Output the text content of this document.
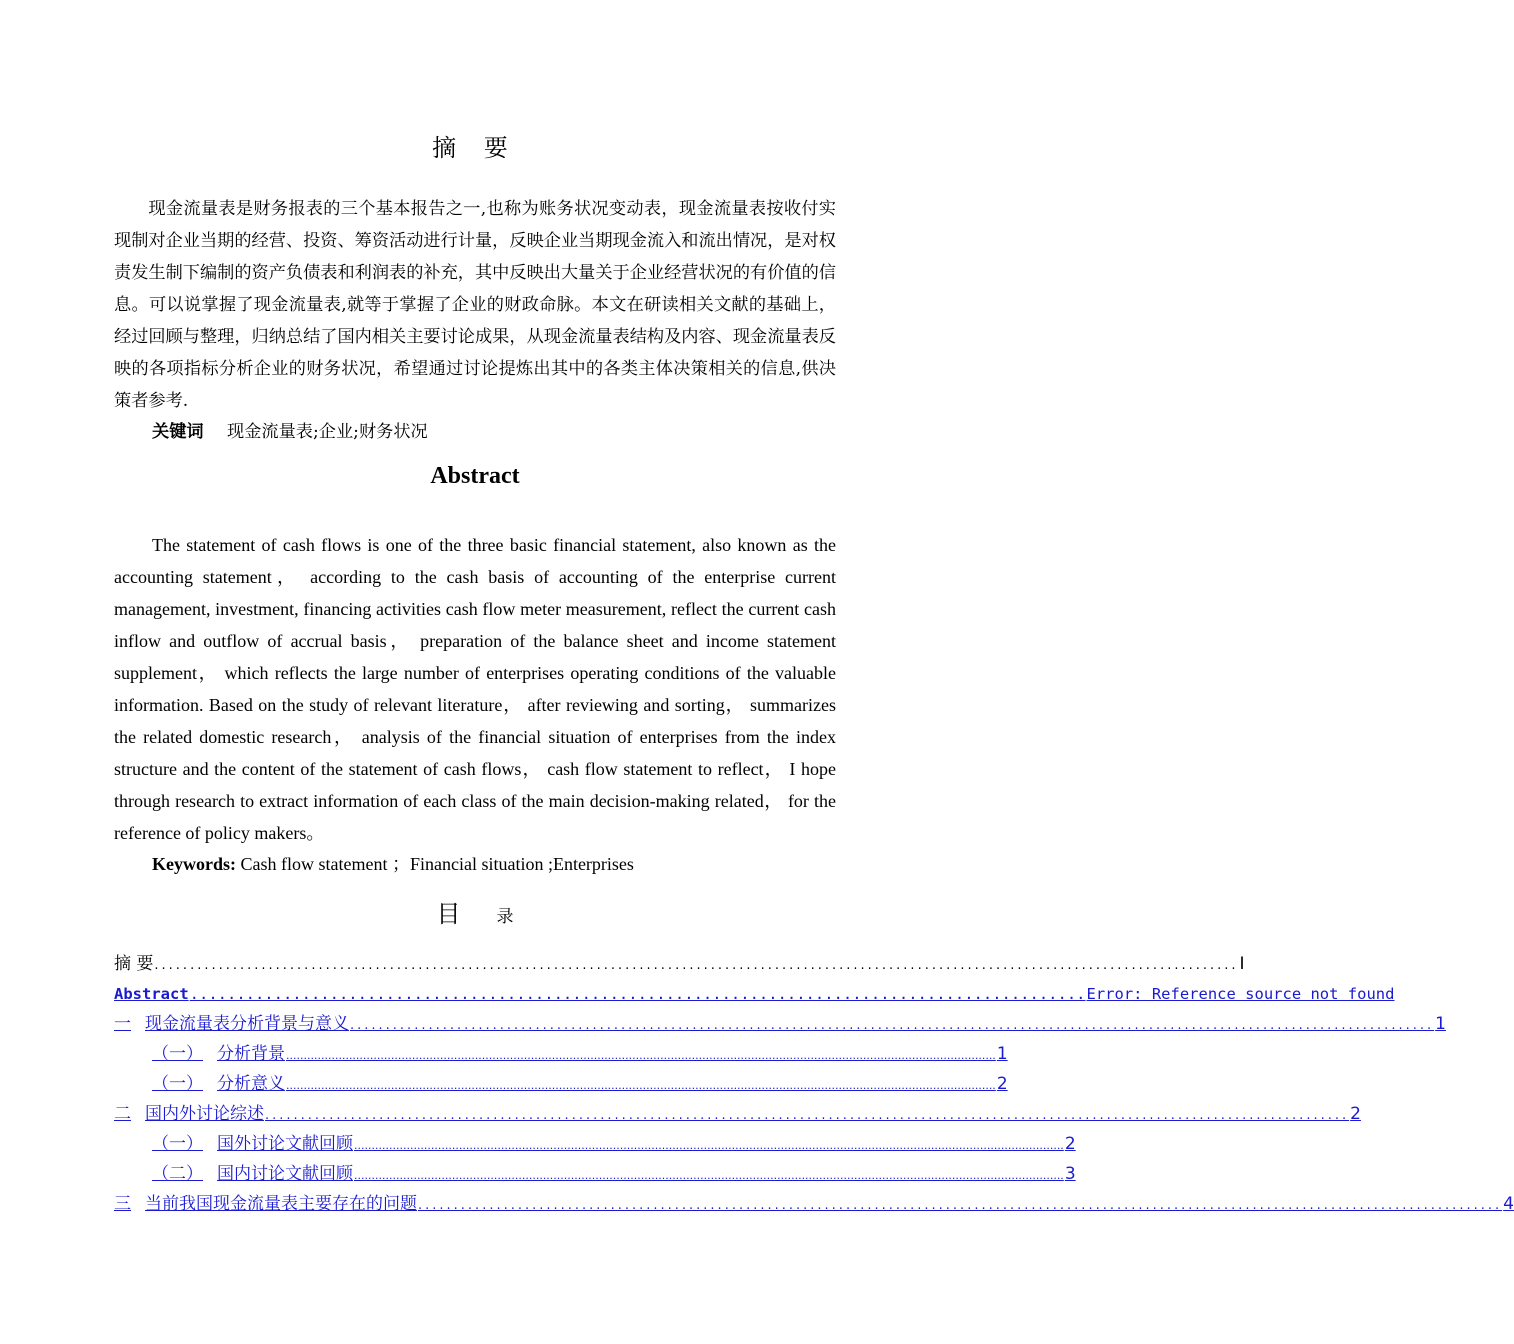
摘 要

现金流量表是财务报表的三个基本报告之一,也称为账务状况变动表，现金流量表按收付实现制对企业当期的经营、投资、筹资活动进行计量，反映企业当期现金流入和流出情况，是对权责发生制下编制的资产负债表和利润表的补充，其中反映出大量关于企业经营状况的有价值的信息。可以说掌握了现金流量表,就等于掌握了企业的财政命脉。本文在研读相关文献的基础上，经过回顾与整理，归纳总结了国内相关主要讨论成果，从现金流量表结构及内容、现金流量表反映的各项指标分析企业的财务状况，希望通过讨论提炼出其中的各类主体决策相关的信息,供决策者参考.

关键词 现金流量表;企业;财务状况
Abstract

The statement of cash flows is one of the three basic financial statement, also known as the accounting statement， according to the cash basis of accounting of the enterprise current management, investment, financing activities cash flow meter measurement, reflect the current cash inflow and outflow of accrual basis， preparation of the balance sheet and income statement supplement， which reflects the large number of enterprises operating conditions of the valuable information. Based on the study of relevant literature， after reviewing and sorting， summarizes the related domestic research， analysis of the financial situation of enterprises from the index structure and the content of the statement of cash flows， cash flow statement to reflect， I hope through research to extract information of each class of the main decision-making related， for the reference of policy makers。

Keywords: Cash flow statement ；Financial situation ;Enterprises
目 录
摘 要 ........................................................................................................................................................ I
Abstract ................................................................................................ Error: Reference source not found
一 现金流量表分析背景与意义 ........................................................................................................................................................ 1
（一） 分析背景 ........................................................................................................................................................................................................... 1
（一） 分析意义 ........................................................................................................................................................................................................... 2
二 国内外讨论综述 ........................................................................................................................................................ 2
（一） 国外讨论文献回顾 ........................................................................................................................................................................................................... 2
（二） 国内讨论文献回顾 ........................................................................................................................................................................................................... 3
三 当前我国现金流量表主要存在的问题 ........................................................................................................................................................ 4
